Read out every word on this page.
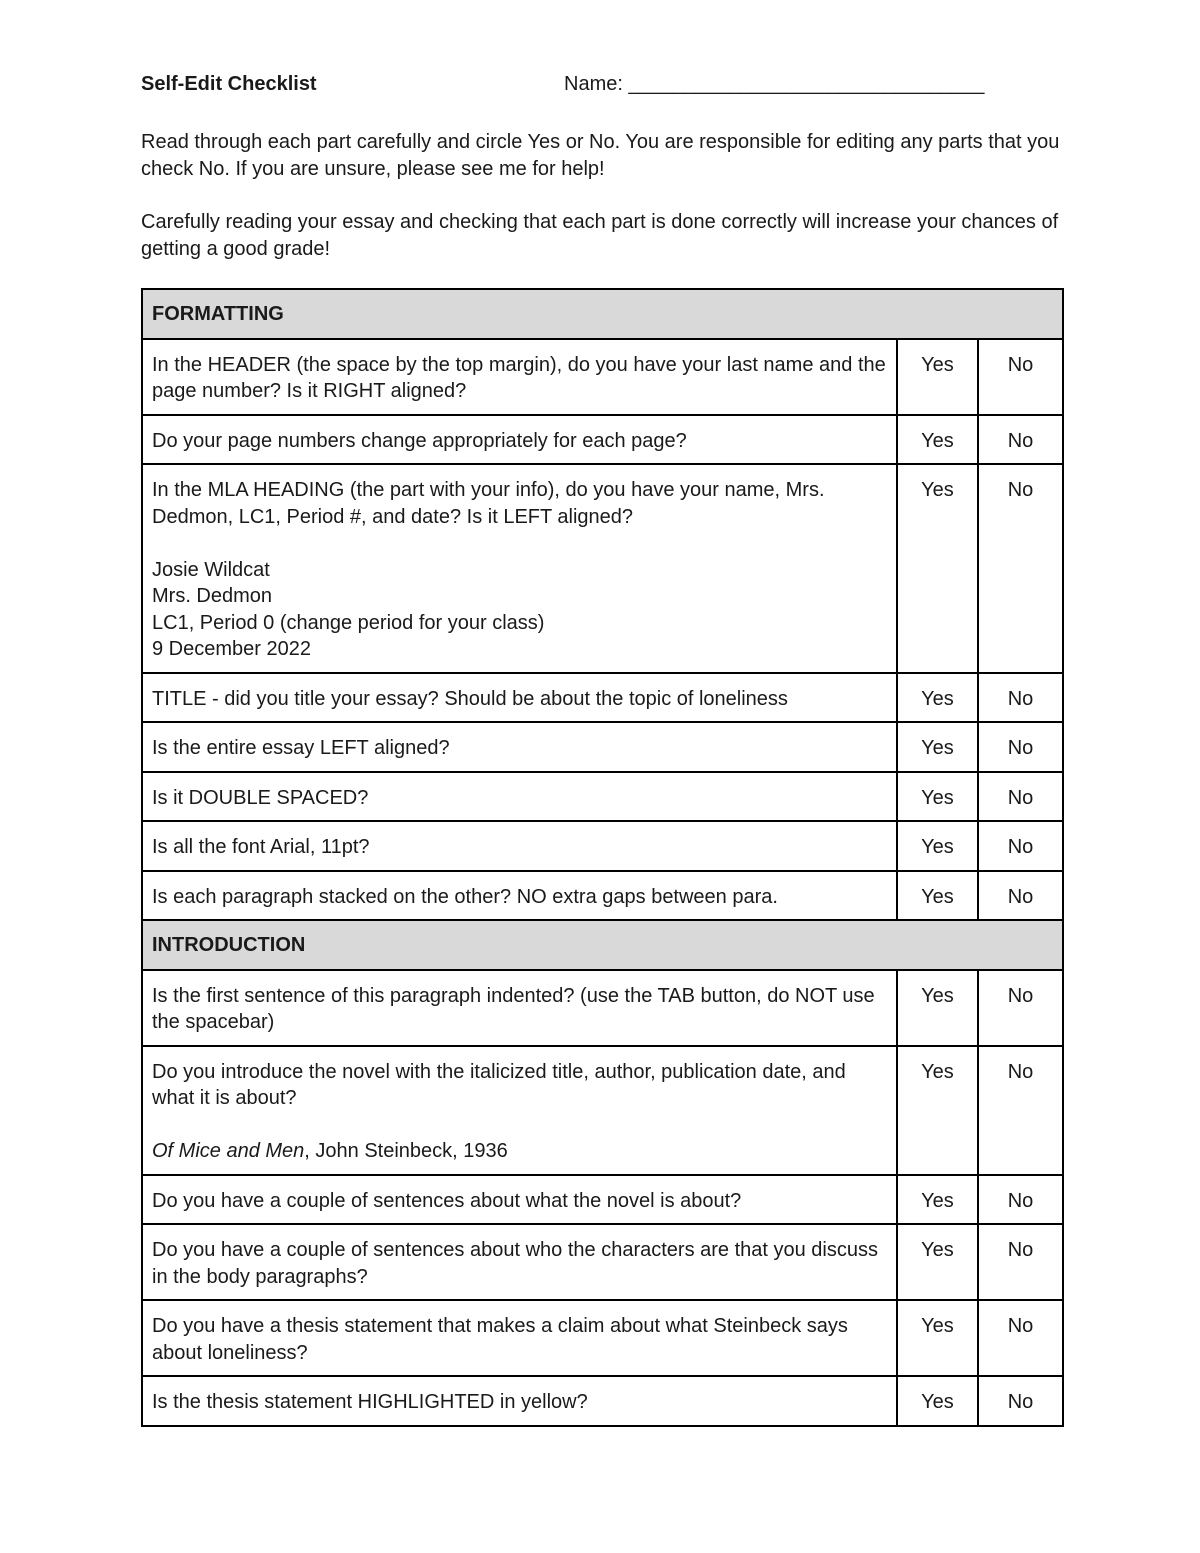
Self-Edit Checklist	Name: ________________________________

Read through each part carefully and circle Yes or No. You are responsible for editing any parts that you check No. If you are unsure, please see me for help!

Carefully reading your essay and checking that each part is done correctly will increase your chances of getting a good grade!

FORMATTING		
In the HEADER (the space by the top margin), do you have your last name and the page number? Is it RIGHT aligned?	Yes	No
Do your page numbers change appropriately for each page?	Yes	No

In the MLA HEADING (the part with your info), do you have your name, Mrs. Dedmon, LC1, Period #, and date? Is it LEFT aligned?
Josie Wildcat
Mrs. Dedmon
LC1, Period 0 (change period for your class)
9 December 2022	Yes	No
TITLE - did you title your essay? Should be about the topic of loneliness	Yes	No
Is the entire essay LEFT aligned?	Yes	No
Is it DOUBLE SPACED?	Yes	No
Is all the font Arial, 11pt?	Yes	No
Is each paragraph stacked on the other? NO extra gaps between para.	Yes	No
INTRODUCTION		
Is the first sentence of this paragraph indented? (use the TAB button, do NOT use the spacebar)	Yes	No

Do you introduce the novel with the italicized title, author, publication date, and what it is about?
Of Mice and Men, John Steinbeck, 1936	Yes	No
Do you have a couple of sentences about what the novel is about?	Yes	No
Do you have a couple of sentences about who the characters are that you discuss in the body paragraphs?	Yes	No
Do you have a thesis statement that makes a claim about what Steinbeck says about loneliness?	Yes	No
Is the thesis statement HIGHLIGHTED in yellow?	Yes	No
